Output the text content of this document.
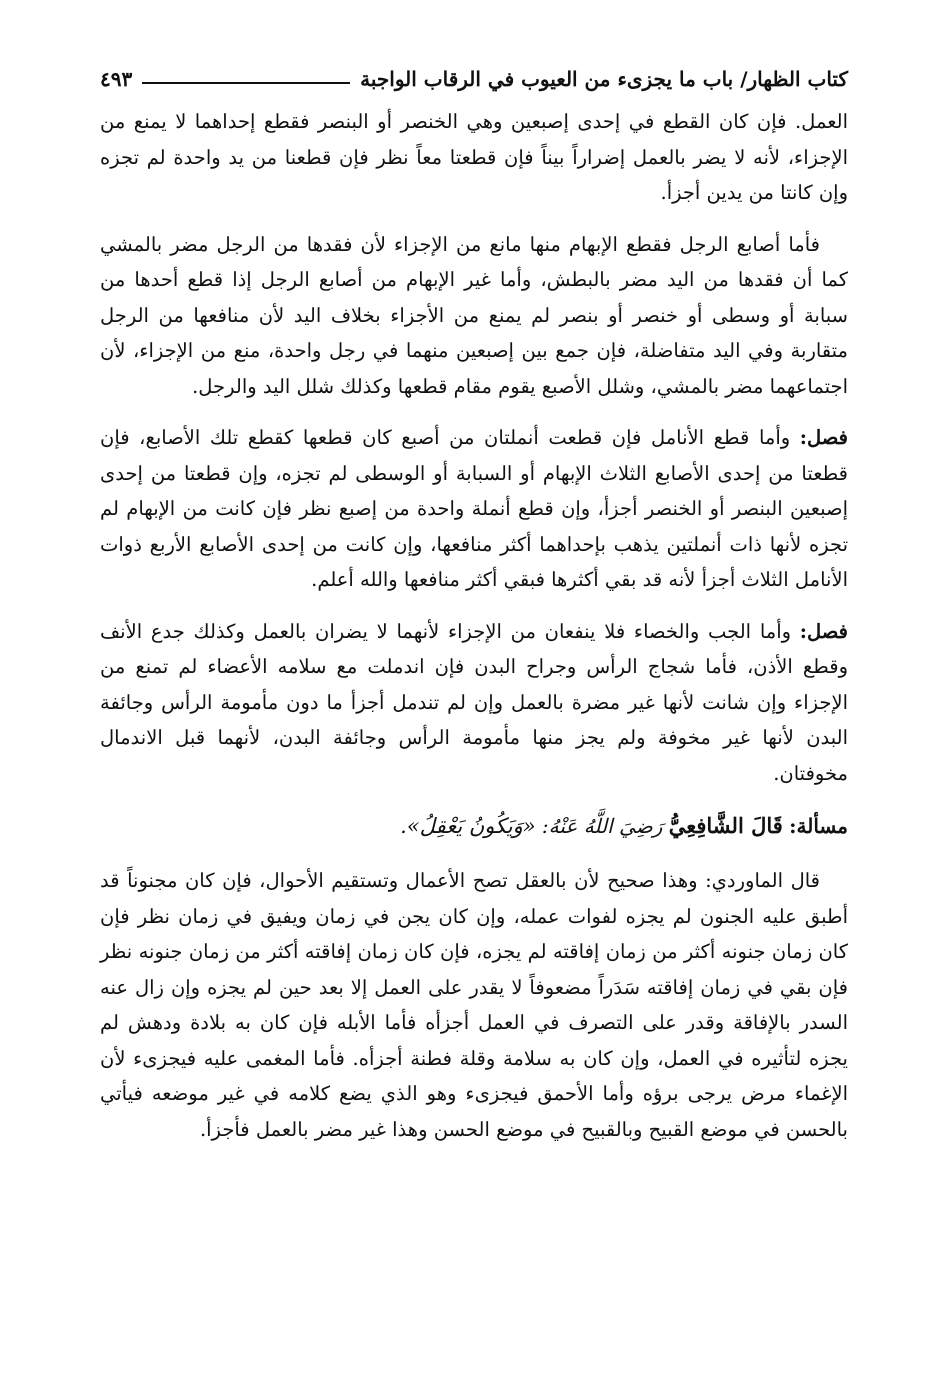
كتاب الظهار/ باب ما يجزىء من العيوب في الرقاب الواجبة
٤٩٣

العمل. فإن كان القطع في إحدى إصبعين وهي الخنصر أو البنصر فقطع إحداهما لا يمنع من الإجزاء، لأنه لا يضر بالعمل إضراراً بيناً فإن قطعتا معاً نظر فإن قطعنا من يد واحدة لم تجزه وإن كانتا من يدين أجزأ.

فأما أصابع الرجل فقطع الإبهام منها مانع من الإجزاء لأن فقدها من الرجل مضر بالمشي كما أن فقدها من اليد مضر بالبطش، وأما غير الإبهام من أصابع الرجل إذا قطع أحدها من سبابة أو وسطى أو خنصر أو بنصر لم يمنع من الأجزاء بخلاف اليد لأن منافعها من الرجل متقاربة وفي اليد متفاضلة، فإن جمع بين إصبعين منهما في رجل واحدة، منع من الإجزاء، لأن اجتماعهما مضر بالمشي، وشلل الأصبع يقوم مقام قطعها وكذلك شلل اليد والرجل.

فصل: وأما قطع الأنامل فإن قطعت أنملتان من أصبع كان قطعها كقطع تلك الأصابع، فإن قطعتا من إحدى الأصابع الثلاث الإبهام أو السبابة أو الوسطى لم تجزه، وإن قطعتا من إحدى إصبعين البنصر أو الخنصر أجزأ، وإن قطع أنملة واحدة من إصبع نظر فإن كانت من الإبهام لم تجزه لأنها ذات أنملتين يذهب بإحداهما أكثر منافعها، وإن كانت من إحدى الأصابع الأربع ذوات الأنامل الثلاث أجزأ لأنه قد بقي أكثرها فبقي أكثر منافعها والله أعلم.

فصل: وأما الجب والخصاء فلا ينفعان من الإجزاء لأنهما لا يضران بالعمل وكذلك جدع الأنف وقطع الأذن، فأما شجاج الرأس وجراح البدن فإن اندملت مع سلامه الأعضاء لم تمنع من الإجزاء وإن شانت لأنها غير مضرة بالعمل وإن لم تندمل أجزأ ما دون مأمومة الرأس وجائفة البدن لأنها غير مخوفة ولم يجز منها مأمومة الرأس وجائفة البدن، لأنهما قبل الاندمال مخوفتان.

مسألة: قَالَ الشَّافِعِيُّ رَضِيَ اللَّهُ عَنْهُ: «وَيَكُونُ يَعْقِلُ».

قال الماوردي: وهذا صحيح لأن بالعقل تصح الأعمال وتستقيم الأحوال، فإن كان مجنوناً قد أطبق عليه الجنون لم يجزه لفوات عمله، وإن كان يجن في زمان ويفيق في زمان نظر فإن كان زمان جنونه أكثر من زمان إفاقته لم يجزه، فإن كان زمان إفاقته أكثر من زمان جنونه نظر فإن بقي في زمان إفاقته سَدَراً مضعوفاً لا يقدر على العمل إلا بعد حين لم يجزه وإن زال عنه السدر بالإفاقة وقدر على التصرف في العمل أجزأه فأما الأبله فإن كان به بلادة ودهش لم يجزه لتأثيره في العمل، وإن كان به سلامة وقلة فطنة أجزأه. فأما المغمى عليه فيجزىء لأن الإغماء مرض يرجى برؤه وأما الأحمق فيجزىء وهو الذي يضع كلامه في غير موضعه فيأتي بالحسن في موضع القبيح وبالقبيح في موضع الحسن وهذا غير مضر بالعمل فأجزأ.
